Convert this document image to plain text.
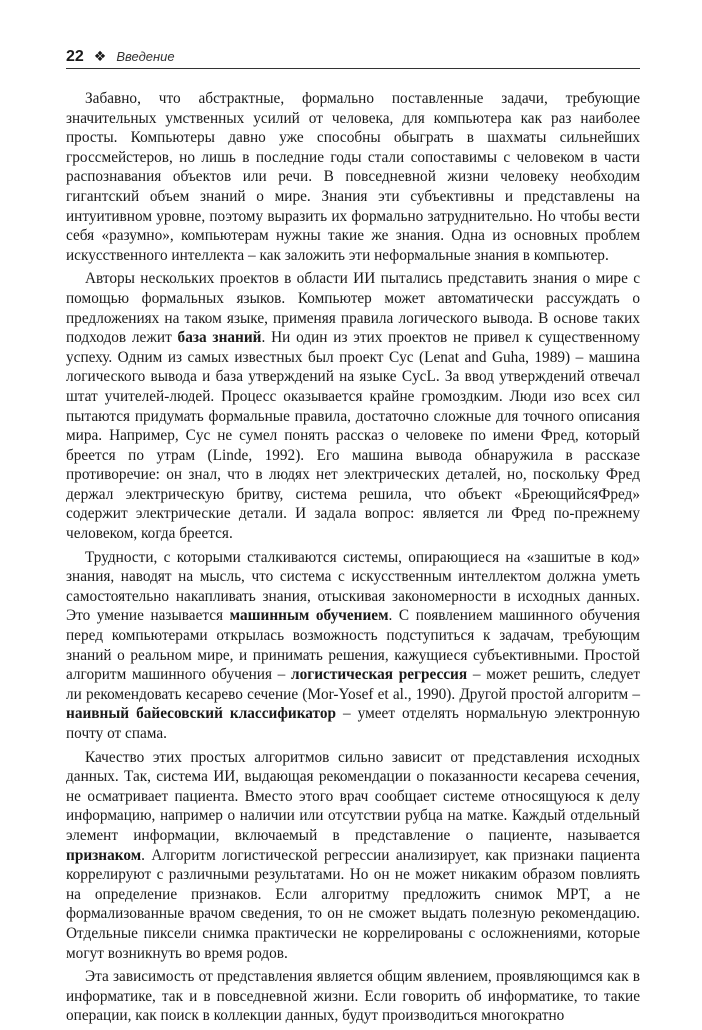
22 ❖ Введение

Забавно, что абстрактные, формально поставленные задачи, требующие значительных умственных усилий от человека, для компьютера как раз наиболее просты. Компьютеры давно уже способны обыграть в шахматы сильнейших гроссмейстеров, но лишь в последние годы стали сопоставимы с человеком в части распознавания объектов или речи. В повседневной жизни человеку необходим гигантский объем знаний о мире. Знания эти субъективны и представлены на интуитивном уровне, поэтому выразить их формально затруднительно. Но чтобы вести себя «разумно», компьютерам нужны такие же знания. Одна из основных проблем искусственного интеллекта – как заложить эти неформальные знания в компьютер.

Авторы нескольких проектов в области ИИ пытались представить знания о мире с помощью формальных языков. Компьютер может автоматически рассуждать о предложениях на таком языке, применяя правила логического вывода. В основе таких подходов лежит база знаний. Ни один из этих проектов не привел к существенному успеху. Одним из самых известных был проект Cyc (Lenat and Guha, 1989) – машина логического вывода и база утверждений на языке CycL. За ввод утверждений отвечал штат учителей-людей. Процесс оказывается крайне громоздким. Люди изо всех сил пытаются придумать формальные правила, достаточно сложные для точного описания мира. Например, Cyc не сумел понять рассказ о человеке по имени Фред, который бреется по утрам (Linde, 1992). Его машина вывода обнаружила в рассказе противоречие: он знал, что в людях нет электрических деталей, но, поскольку Фред держал электрическую бритву, система решила, что объект «БреющийсяФред» содержит электрические детали. И задала вопрос: является ли Фред по-прежнему человеком, когда бреется.

Трудности, с которыми сталкиваются системы, опирающиеся на «зашитые в код» знания, наводят на мысль, что система с искусственным интеллектом должна уметь самостоятельно накапливать знания, отыскивая закономерности в исходных данных. Это умение называется машинным обучением. С появлением машинного обучения перед компьютерами открылась возможность подступиться к задачам, требующим знаний о реальном мире, и принимать решения, кажущиеся субъективными. Простой алгоритм машинного обучения – логистическая регрессия – может решить, следует ли рекомендовать кесарево сечение (Mor-Yosef et al., 1990). Другой простой алгоритм – наивный байесовский классификатор – умеет отделять нормальную электронную почту от спама.

Качество этих простых алгоритмов сильно зависит от представления исходных данных. Так, система ИИ, выдающая рекомендации о показанности кесарева сечения, не осматривает пациента. Вместо этого врач сообщает системе относящуюся к делу информацию, например о наличии или отсутствии рубца на матке. Каждый отдельный элемент информации, включаемый в представление о пациенте, называется признаком. Алгоритм логистической регрессии анализирует, как признаки пациента коррелируют с различными результатами. Но он не может никаким образом повлиять на определение признаков. Если алгоритму предложить снимок МРТ, а не формализованные врачом сведения, то он не сможет выдать полезную рекомендацию. Отдельные пиксели снимка практически не коррелированы с осложнениями, которые могут возникнуть во время родов.

Эта зависимость от представления является общим явлением, проявляющимся как в информатике, так и в повседневной жизни. Если говорить об информатике, то такие операции, как поиск в коллекции данных, будут производиться многократно
